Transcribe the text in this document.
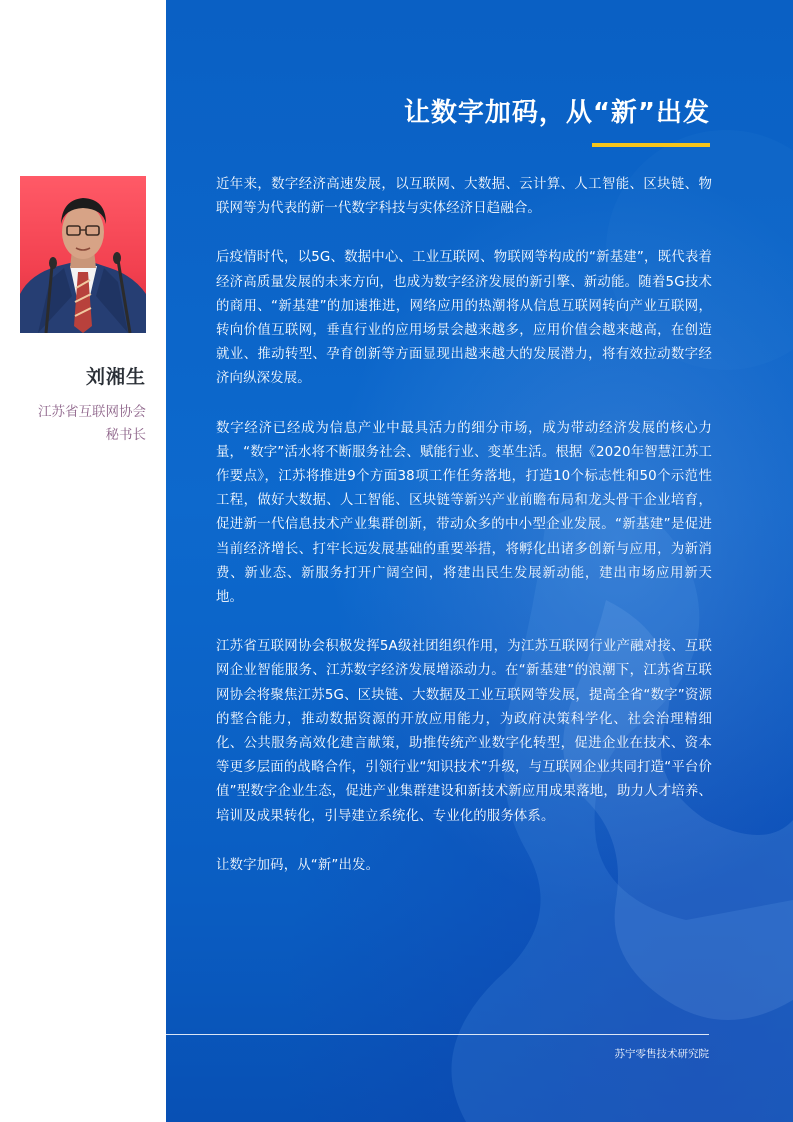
刘湘生

江苏省互联网协会
秘书长

让数字加码，从“新”出发

近年来，数字经济高速发展，以互联网、大数据、云计算、人工智能、区块链、物联网等为代表的新一代数字科技与实体经济日趋融合。

后疫情时代，以5G、数据中心、工业互联网、物联网等构成的“新基建”，既代表着经济高质量发展的未来方向，也成为数字经济发展的新引擎、新动能。随着5G技术的商用、“新基建”的加速推进，网络应用的热潮将从信息互联网转向产业互联网，转向价值互联网，垂直行业的应用场景会越来越多，应用价值会越来越高，在创造就业、推动转型、孕育创新等方面显现出越来越大的发展潜力，将有效拉动数字经济向纵深发展。

数字经济已经成为信息产业中最具活力的细分市场，成为带动经济发展的核心力量，“数字”活水将不断服务社会、赋能行业、变革生活。根据《2020年智慧江苏工作要点》，江苏将推进9个方面38项工作任务落地，打造10个标志性和50个示范性工程，做好大数据、人工智能、区块链等新兴产业前瞻布局和龙头骨干企业培育，促进新一代信息技术产业集群创新，带动众多的中小型企业发展。“新基建”是促进当前经济增长、打牢长远发展基础的重要举措，将孵化出诸多创新与应用，为新消费、新业态、新服务打开广阔空间，将建出民生发展新动能，建出市场应用新天地。

江苏省互联网协会积极发挥5A级社团组织作用，为江苏互联网行业产融对接、互联网企业智能服务、江苏数字经济发展增添动力。在“新基建”的浪潮下，江苏省互联网协会将聚焦江苏5G、区块链、大数据及工业互联网等发展，提高全省“数字”资源的整合能力，推动数据资源的开放应用能力，为政府决策科学化、社会治理精细化、公共服务高效化建言献策，助推传统产业数字化转型，促进企业在技术、资本等更多层面的战略合作，引领行业“知识技术”升级，与互联网企业共同打造“平台价值”型数字企业生态，促进产业集群建设和新技术新应用成果落地，助力人才培养、培训及成果转化，引导建立系统化、专业化的服务体系。

让数字加码，从“新”出发。

苏宁零售技术研究院
